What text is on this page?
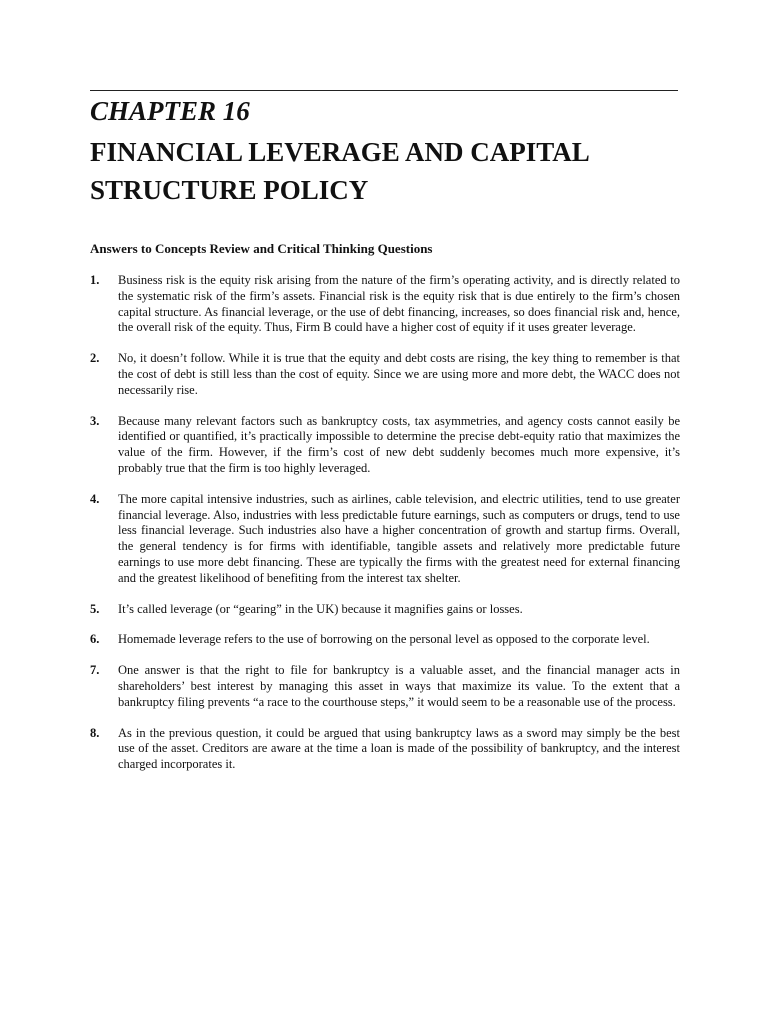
CHAPTER 16
FINANCIAL LEVERAGE AND CAPITAL STRUCTURE POLICY
Answers to Concepts Review and Critical Thinking Questions
1. Business risk is the equity risk arising from the nature of the firm’s operating activity, and is directly related to the systematic risk of the firm’s assets. Financial risk is the equity risk that is due entirely to the firm’s chosen capital structure. As financial leverage, or the use of debt financing, increases, so does financial risk and, hence, the overall risk of the equity. Thus, Firm B could have a higher cost of equity if it uses greater leverage.
2. No, it doesn’t follow. While it is true that the equity and debt costs are rising, the key thing to remember is that the cost of debt is still less than the cost of equity. Since we are using more and more debt, the WACC does not necessarily rise.
3. Because many relevant factors such as bankruptcy costs, tax asymmetries, and agency costs cannot easily be identified or quantified, it’s practically impossible to determine the precise debt-equity ratio that maximizes the value of the firm. However, if the firm’s cost of new debt suddenly becomes much more expensive, it’s probably true that the firm is too highly leveraged.
4. The more capital intensive industries, such as airlines, cable television, and electric utilities, tend to use greater financial leverage. Also, industries with less predictable future earnings, such as computers or drugs, tend to use less financial leverage. Such industries also have a higher concentration of growth and startup firms. Overall, the general tendency is for firms with identifiable, tangible assets and relatively more predictable future earnings to use more debt financing. These are typically the firms with the greatest need for external financing and the greatest likelihood of benefiting from the interest tax shelter.
5. It’s called leverage (or “gearing” in the UK) because it magnifies gains or losses.
6. Homemade leverage refers to the use of borrowing on the personal level as opposed to the corporate level.
7. One answer is that the right to file for bankruptcy is a valuable asset, and the financial manager acts in shareholders’ best interest by managing this asset in ways that maximize its value. To the extent that a bankruptcy filing prevents “a race to the courthouse steps,” it would seem to be a reasonable use of the process.
8. As in the previous question, it could be argued that using bankruptcy laws as a sword may simply be the best use of the asset. Creditors are aware at the time a loan is made of the possibility of bankruptcy, and the interest charged incorporates it.
